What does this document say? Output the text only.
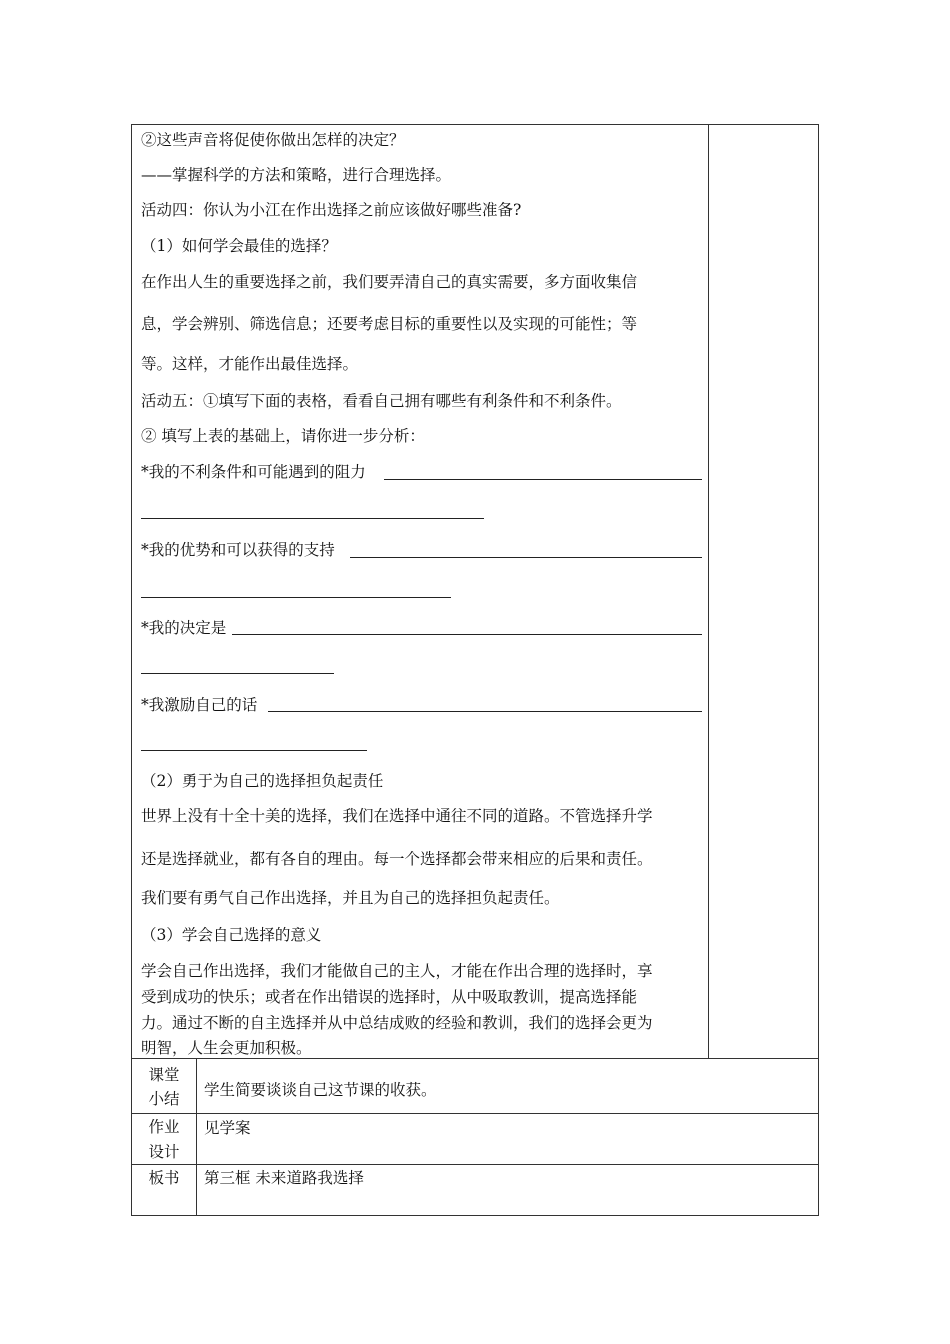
②这些声音将促使你做出怎样的决定？
——掌握科学的方法和策略，进行合理选择。
活动四：你认为小江在作出选择之前应该做好哪些准备?
（1）如何学会最佳的选择？
在作出人生的重要选择之前，我们要弄清自己的真实需要，多方面收集信
息，学会辨别、筛选信息；还要考虑目标的重要性以及实现的可能性；等
等。这样，才能作出最佳选择。
活动五：①填写下面的表格，看看自己拥有哪些有利条件和不利条件。
② 填写上表的基础上，请你进一步分析：
*我的不利条件和可能遇到的阻力
*我的优势和可以获得的支持
*我的决定是
*我激励自己的话
（2）勇于为自己的选择担负起责任
世界上没有十全十美的选择，我们在选择中通往不同的道路。不管选择升学
还是选择就业，都有各自的理由。每一个选择都会带来相应的后果和责任。
我们要有勇气自己作出选择，并且为自己的选择担负起责任。
（3）学会自己选择的意义
学会自己作出选择，我们才能做自己的主人，才能在作出合理的选择时，享
受到成功的快乐；或者在作出错误的选择时，从中吸取教训，提高选择能
力。通过不断的自主选择并从中总结成败的经验和教训，我们的选择会更为
明智，人生会更加积极。
课堂
小结	学生简要谈谈自己这节课的收获。
作业
设计
见学案
板书	第三框 未来道路我选择
